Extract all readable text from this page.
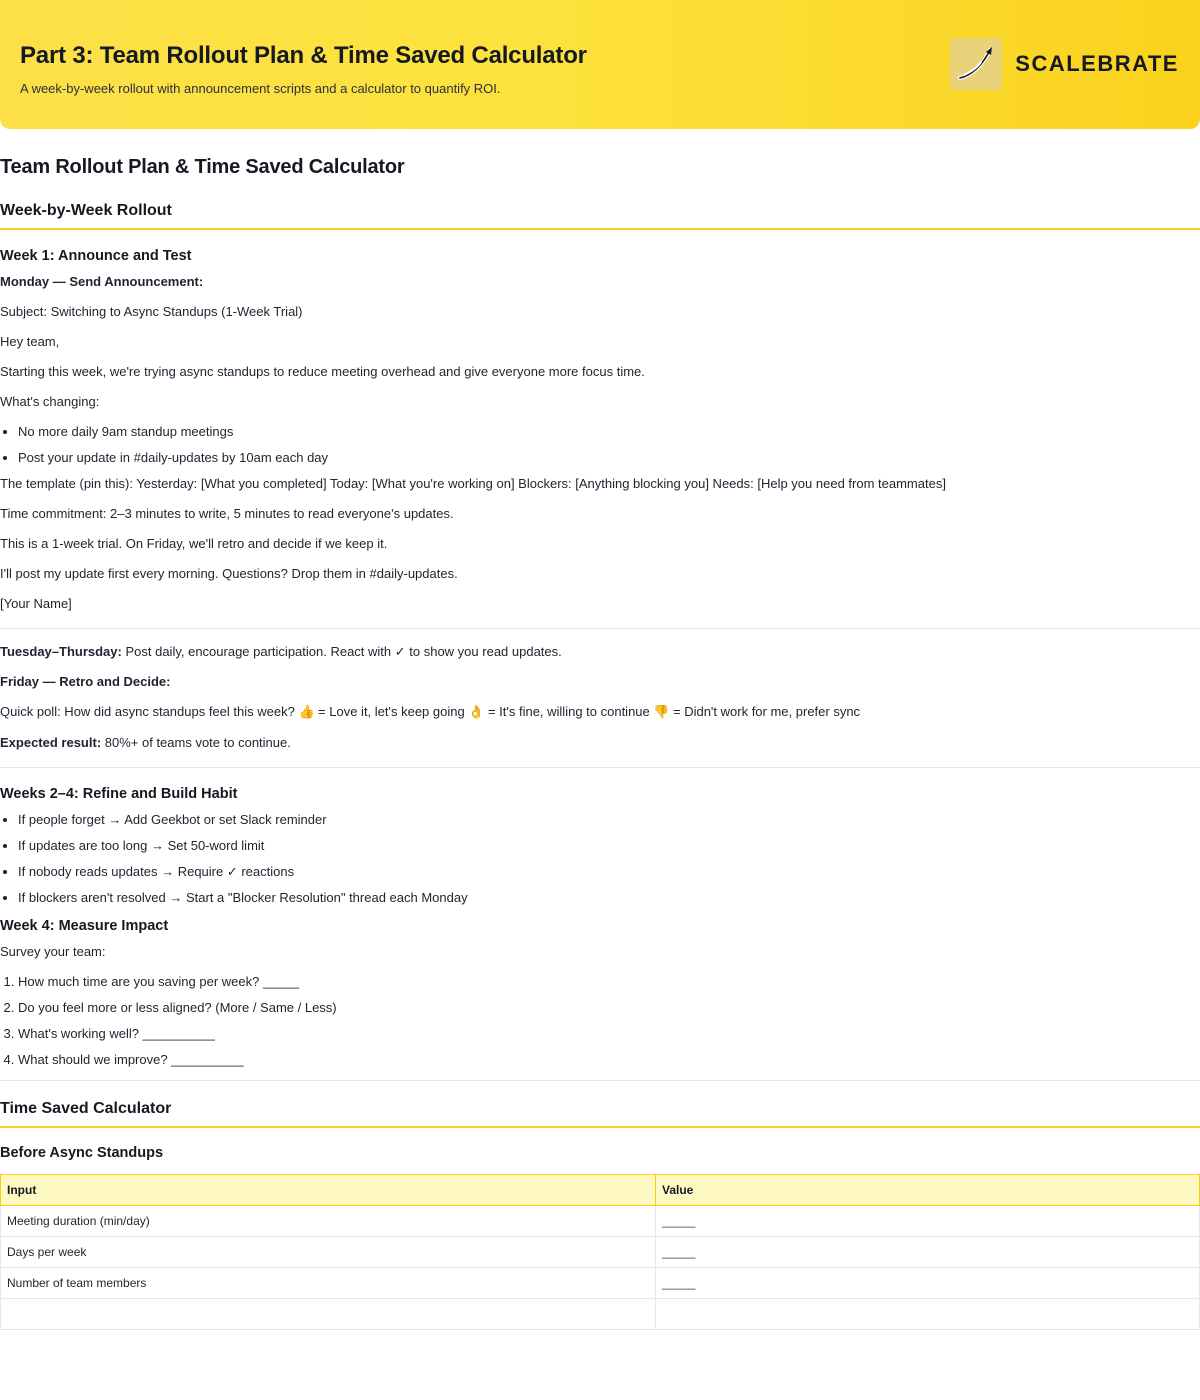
Part 3: Team Rollout Plan & Time Saved Calculator

A week-by-week rollout with announcement scripts and a calculator to quantify ROI.

SCALEBRATE
Team Rollout Plan & Time Saved Calculator
Week-by-Week Rollout
Week 1: Announce and Test

Monday — Send Announcement:

Subject: Switching to Async Standups (1-Week Trial)

Hey team,

Starting this week, we're trying async standups to reduce meeting overhead and give everyone more focus time.

What's changing:

• No more daily 9am standup meetings
• Post your update in #daily-updates by 10am each day

The template (pin this): Yesterday: [What you completed] Today: [What you're working on] Blockers: [Anything blocking you] Needs: [Help you need from teammates]

Time commitment: 2–3 minutes to write, 5 minutes to read everyone's updates.

This is a 1-week trial. On Friday, we'll retro and decide if we keep it.

I'll post my update first every morning. Questions? Drop them in #daily-updates.

[Your Name]

Tuesday–Thursday: Post daily, encourage participation. React with ✓ to show you read updates.

Friday — Retro and Decide:

Quick poll: How did async standups feel this week? 👍 = Love it, let's keep going 👌 = It's fine, willing to continue 👎 = Didn't work for me, prefer sync

Expected result: 80%+ of teams vote to continue.

Weeks 2–4: Refine and Build Habit
• If people forget → Add Geekbot or set Slack reminder
• If updates are too long → Set 50-word limit
• If nobody reads updates → Require ✓ reactions
• If blockers aren't resolved → Start a "Blocker Resolution" thread each Monday
Week 4: Measure Impact

Survey your team:

1. How much time are you saving per week? _____
2. Do you feel more or less aligned? (More / Same / Less)
3. What's working well? __________
4. What should we improve? __________
Time Saved Calculator
Before Async Standups
Input	Value
Meeting duration (min/day)	_____
Days per week	_____
Number of team members	_____
